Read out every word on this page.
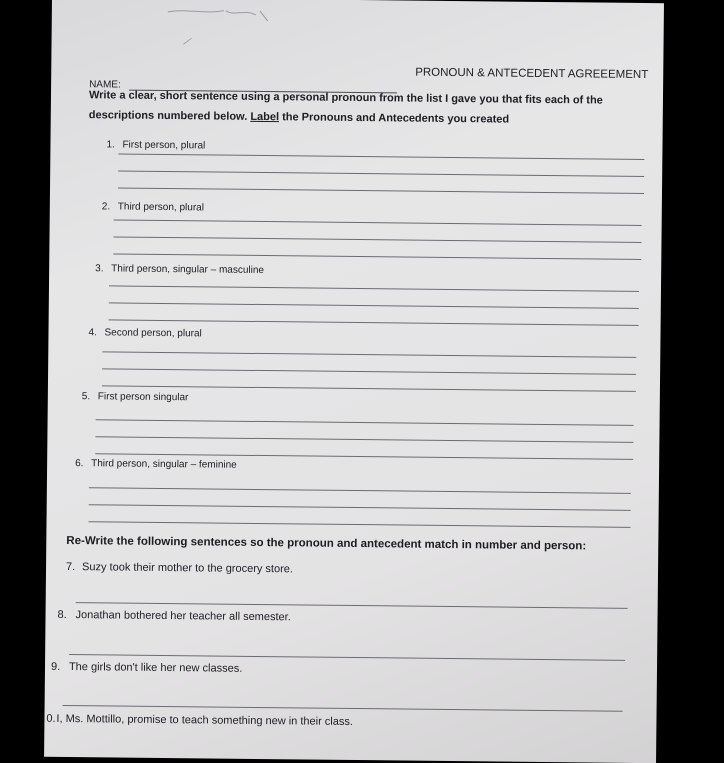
NAME:
PRONOUN & ANTECEDENT AGREEEMENT
Write a clear, short sentence using a personal pronoun from the list I gave you that fits each of the
descriptions numbered below. Label the Pronouns and Antecedents you created
1. First person, plural
2. Third person, plural
3. Third person, singular – masculine
4. Second person, plural
5. First person singular
6. Third person, singular – feminine
Re-Write the following sentences so the pronoun and antecedent match in number and person:
7. Suzy took their mother to the grocery store.
8. Jonathan bothered her teacher all semester.
9. The girls don't like her new classes.
0. I, Ms. Mottillo, promise to teach something new in their class.
